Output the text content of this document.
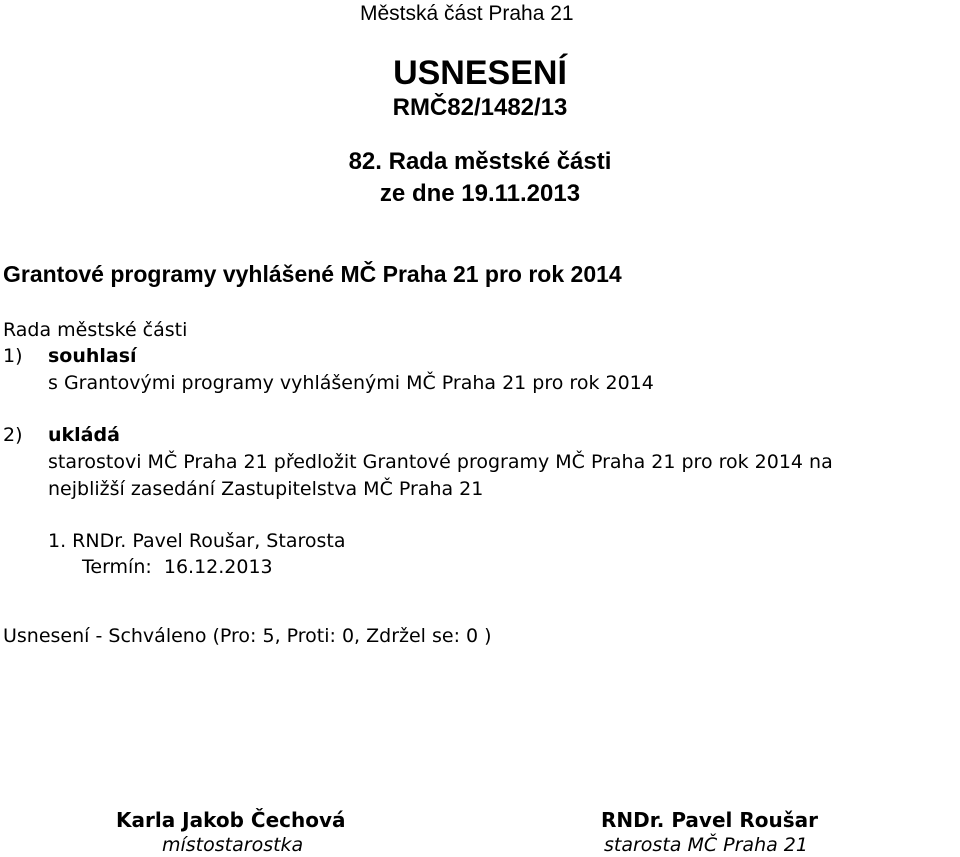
Městská část Praha 21
USNESENÍ
RMČ82/1482/13
82. Rada městské části
ze dne 19.11.2013
Grantové programy vyhlášené MČ Praha 21 pro rok 2014
Rada městské části
1) souhlasí
s Grantovými programy vyhlášenými MČ Praha 21 pro rok 2014
2) ukládá
starostovi MČ Praha 21 předložit Grantové programy MČ Praha 21 pro rok 2014 na
nejbližší zasedání Zastupitelstva MČ Praha 21
1. RNDr. Pavel Roušar, Starosta
Termín:  16.12.2013
Usnesení - Schváleno (Pro: 5, Proti: 0, Zdržel se: 0 )
Karla Jakob Čechová
místostarostka
RNDr. Pavel Roušar
starosta MČ Praha 21
